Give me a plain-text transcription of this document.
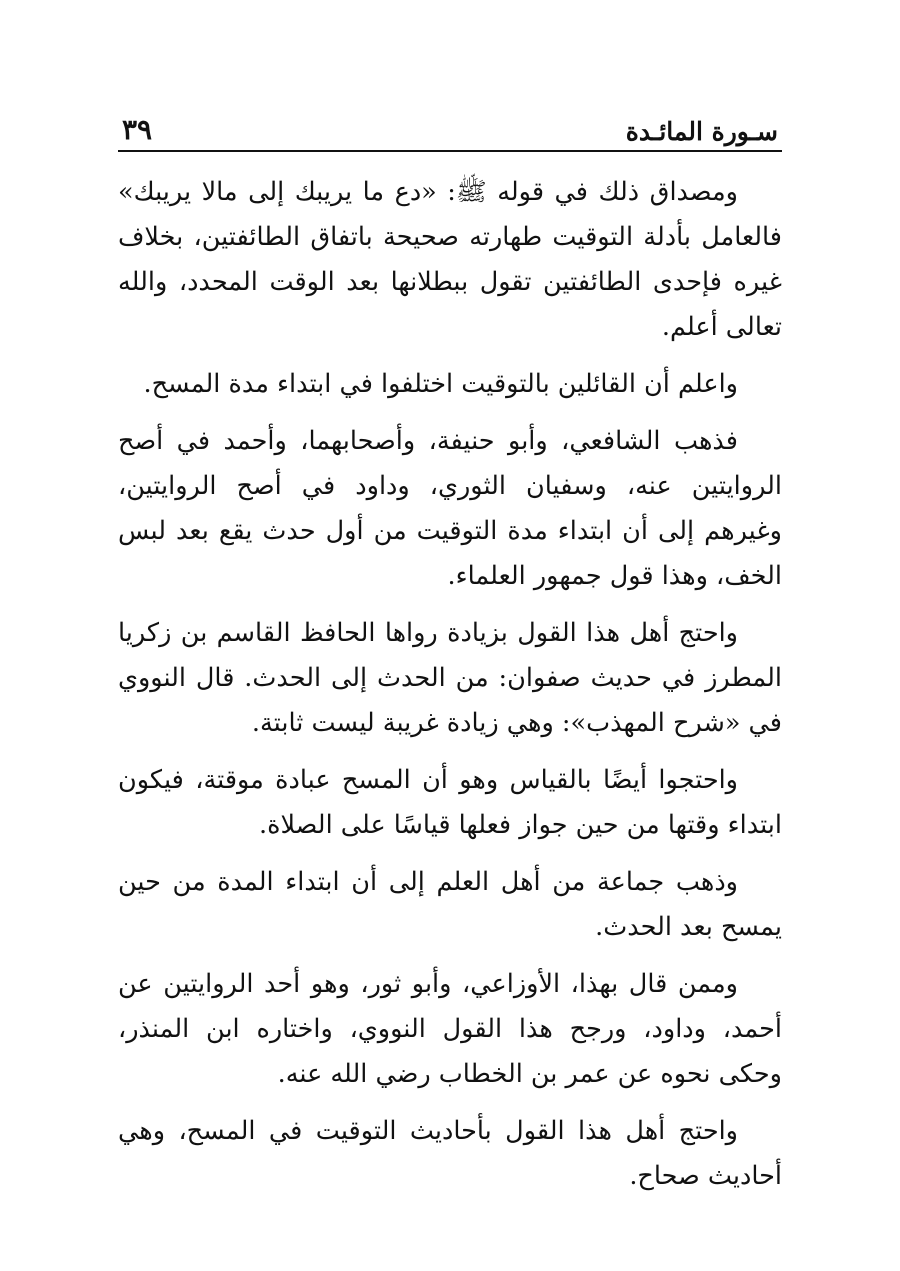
سـورة المائـدة
٣٩

ومصداق ذلك في قوله ﷺ: «دع ما يريبك إلى مالا يريبك» فالعامل بأدلة التوقيت طهارته صحيحة باتفاق الطائفتين، بخلاف غيره فإحدى الطائفتين تقول ببطلانها بعد الوقت المحدد، والله تعالى أعلم.

واعلم أن القائلين بالتوقيت اختلفوا في ابتداء مدة المسح.

فذهب الشافعي، وأبو حنيفة، وأصحابهما، وأحمد في أصح الروايتين عنه، وسفيان الثوري، وداود في أصح الروايتين، وغيرهم إلى أن ابتداء مدة التوقيت من أول حدث يقع بعد لبس الخف، وهذا قول جمهور العلماء.

واحتج أهل هذا القول بزيادة رواها الحافظ القاسم بن زكريا المطرز في حديث صفوان: من الحدث إلى الحدث. قال النووي في «شرح المهذب»: وهي زيادة غريبة ليست ثابتة.

واحتجوا أيضًا بالقياس وهو أن المسح عبادة موقتة، فيكون ابتداء وقتها من حين جواز فعلها قياسًا على الصلاة.

وذهب جماعة من أهل العلم إلى أن ابتداء المدة من حين يمسح بعد الحدث.

وممن قال بهذا، الأوزاعي، وأبو ثور، وهو أحد الروايتين عن أحمد، وداود، ورجح هذا القول النووي، واختاره ابن المنذر، وحكى نحوه عن عمر بن الخطاب رضي الله عنه.

واحتج أهل هذا القول بأحاديث التوقيت في المسح، وهي أحاديث صحاح.
